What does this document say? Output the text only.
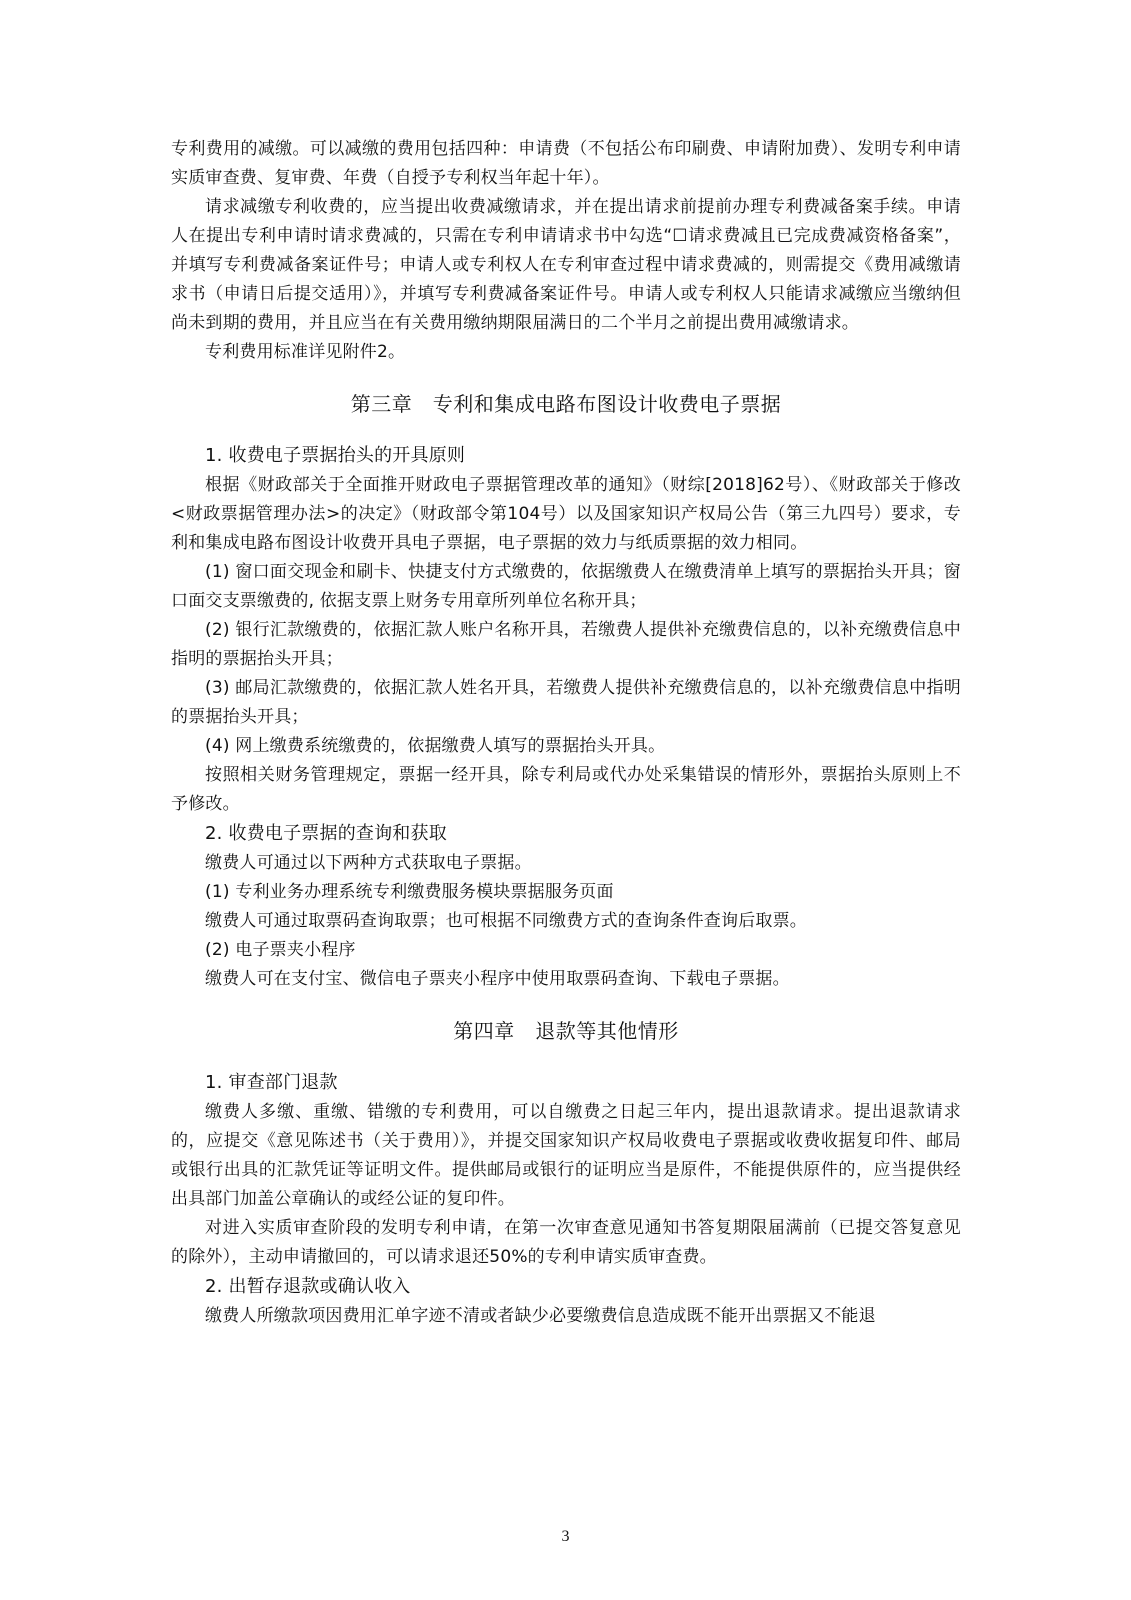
专利费用的减缴。可以减缴的费用包括四种：申请费（不包括公布印刷费、申请附加费）、发明专利申请实质审查费、复审费、年费（自授予专利权当年起十年）。

请求减缴专利收费的，应当提出收费减缴请求，并在提出请求前提前办理专利费减备案手续。申请人在提出专利申请时请求费减的，只需在专利申请请求书中勾选“☐请求费减且已完成费减资格备案”，并填写专利费减备案证件号；申请人或专利权人在专利审查过程中请求费减的，则需提交《费用减缴请求书（申请日后提交适用）》，并填写专利费减备案证件号。申请人或专利权人只能请求减缴应当缴纳但尚未到期的费用，并且应当在有关费用缴纳期限届满日的二个半月之前提出费用减缴请求。

专利费用标准详见附件2。

第三章　专利和集成电路布图设计收费电子票据

1. 收费电子票据抬头的开具原则

根据《财政部关于全面推开财政电子票据管理改革的通知》（财综[2018]62号）、《财政部关于修改<财政票据管理办法>的决定》（财政部令第104号）以及国家知识产权局公告（第三九四号）要求，专利和集成电路布图设计收费开具电子票据，电子票据的效力与纸质票据的效力相同。

(1) 窗口面交现金和刷卡、快捷支付方式缴费的，依据缴费人在缴费清单上填写的票据抬头开具；窗口面交支票缴费的, 依据支票上财务专用章所列单位名称开具；

(2) 银行汇款缴费的，依据汇款人账户名称开具，若缴费人提供补充缴费信息的，以补充缴费信息中指明的票据抬头开具；

(3) 邮局汇款缴费的，依据汇款人姓名开具，若缴费人提供补充缴费信息的，以补充缴费信息中指明的票据抬头开具；

(4) 网上缴费系统缴费的，依据缴费人填写的票据抬头开具。

按照相关财务管理规定，票据一经开具，除专利局或代办处采集错误的情形外，票据抬头原则上不予修改。

2. 收费电子票据的查询和获取

缴费人可通过以下两种方式获取电子票据。

(1) 专利业务办理系统专利缴费服务模块票据服务页面

缴费人可通过取票码查询取票；也可根据不同缴费方式的查询条件查询后取票。

(2) 电子票夹小程序

缴费人可在支付宝、微信电子票夹小程序中使用取票码查询、下载电子票据。

第四章　退款等其他情形

1. 审查部门退款

缴费人多缴、重缴、错缴的专利费用，可以自缴费之日起三年内，提出退款请求。提出退款请求的，应提交《意见陈述书（关于费用）》，并提交国家知识产权局收费电子票据或收费收据复印件、邮局或银行出具的汇款凭证等证明文件。提供邮局或银行的证明应当是原件，不能提供原件的，应当提供经出具部门加盖公章确认的或经公证的复印件。

对进入实质审查阶段的发明专利申请，在第一次审查意见通知书答复期限届满前（已提交答复意见的除外），主动申请撤回的，可以请求退还50%的专利申请实质审查费。

2. 出暂存退款或确认收入

缴费人所缴款项因费用汇单字迹不清或者缺少必要缴费信息造成既不能开出票据又不能退

3
